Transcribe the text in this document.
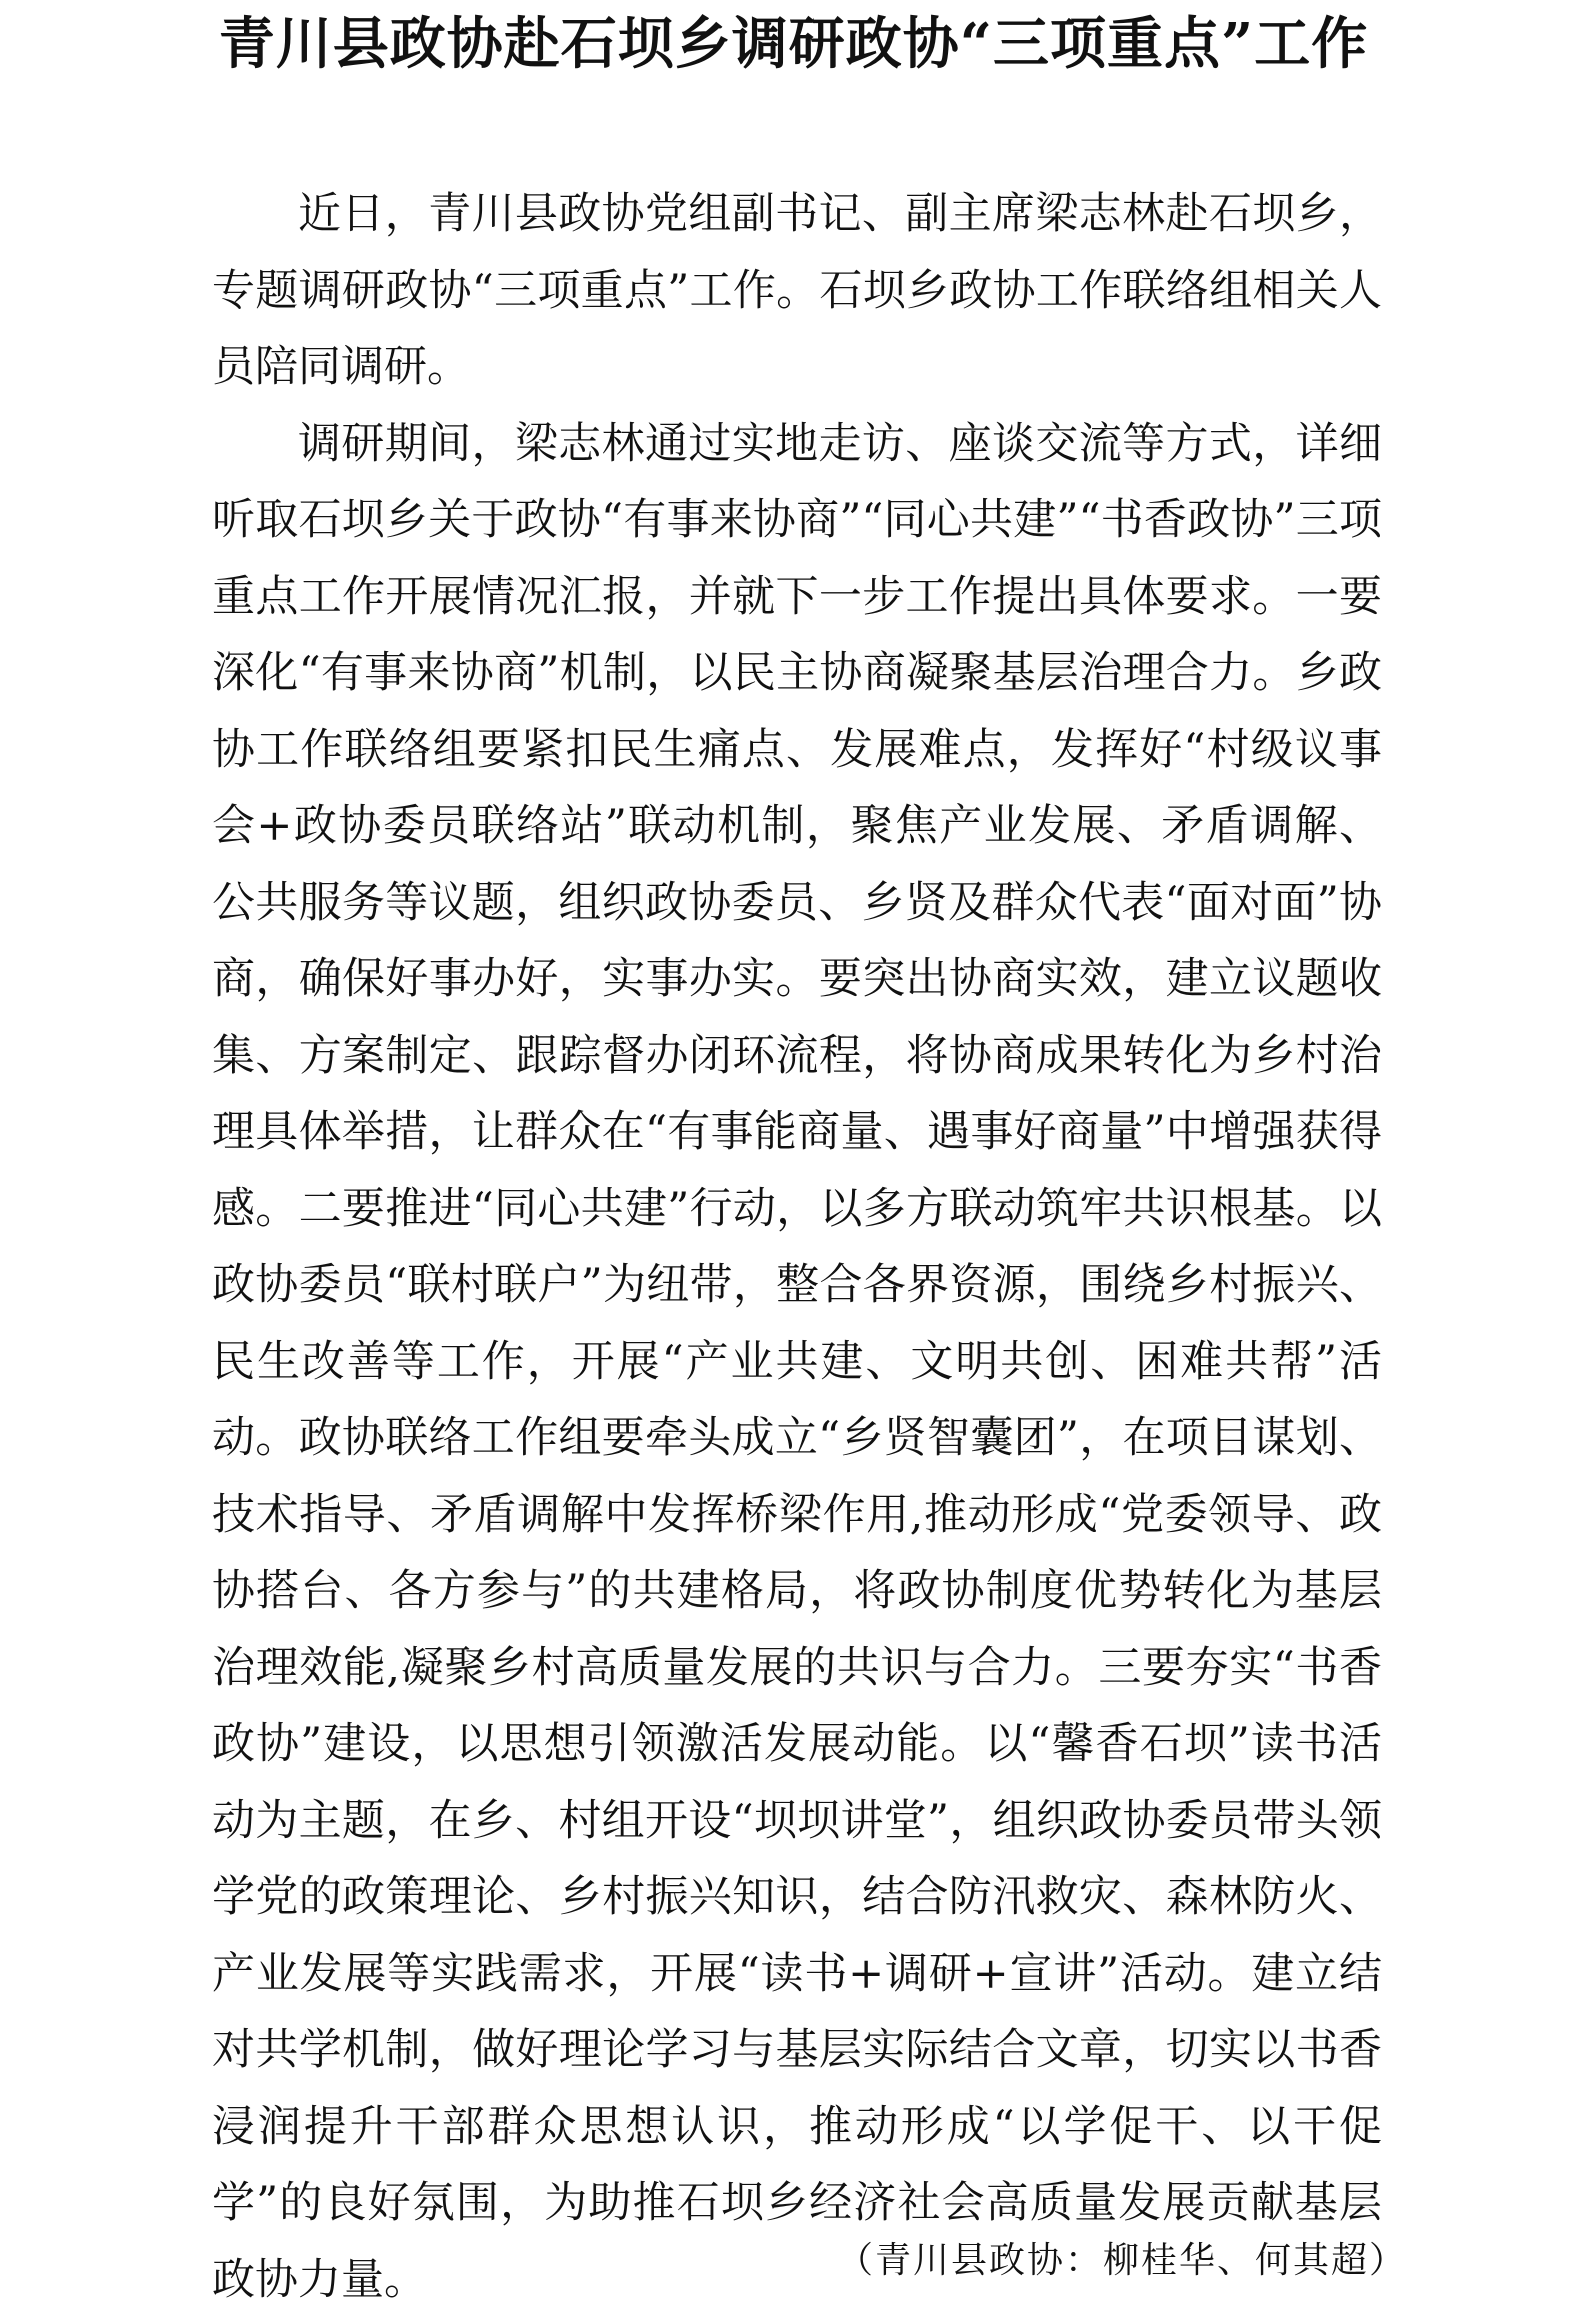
青川县政协赴石坝乡调研政协“三项重点”工作

近日，青川县政协党组副书记、副主席梁志林赴石坝乡，专题调研政协“三项重点”工作。石坝乡政协工作联络组相关人员陪同调研。

调研期间，梁志林通过实地走访、座谈交流等方式，详细听取石坝乡关于政协“有事来协商”“同心共建”“书香政协”三项重点工作开展情况汇报，并就下一步工作提出具体要求。一要深化“有事来协商”机制，以民主协商凝聚基层治理合力。乡政协工作联络组要紧扣民生痛点、发展难点，发挥好“村级议事会+政协委员联络站”联动机制，聚焦产业发展、矛盾调解、公共服务等议题，组织政协委员、乡贤及群众代表“面对面”协商，确保好事办好，实事办实。要突出协商实效，建立议题收集、方案制定、跟踪督办闭环流程，将协商成果转化为乡村治理具体举措，让群众在“有事能商量、遇事好商量”中增强获得感。二要推进“同心共建”行动，以多方联动筑牢共识根基。以政协委员“联村联户”为纽带，整合各界资源，围绕乡村振兴、民生改善等工作，开展“产业共建、文明共创、困难共帮”活动。政协联络工作组要牵头成立“乡贤智囊团”，在项目谋划、技术指导、矛盾调解中发挥桥梁作用,推动形成“党委领导、政协搭台、各方参与”的共建格局，将政协制度优势转化为基层治理效能,凝聚乡村高质量发展的共识与合力。三要夯实“书香政协”建设，以思想引领激活发展动能。以“馨香石坝”读书活动为主题，在乡、村组开设“坝坝讲堂”，组织政协委员带头领学党的政策理论、乡村振兴知识，结合防汛救灾、森林防火、产业发展等实践需求，开展“读书+调研+宣讲”活动。建立结对共学机制，做好理论学习与基层实际结合文章，切实以书香浸润提升干部群众思想认识，推动形成“以学促干、以干促学”的良好氛围，为助推石坝乡经济社会高质量发展贡献基层政协力量。	（青川县政协：柳桂华、何其超）
